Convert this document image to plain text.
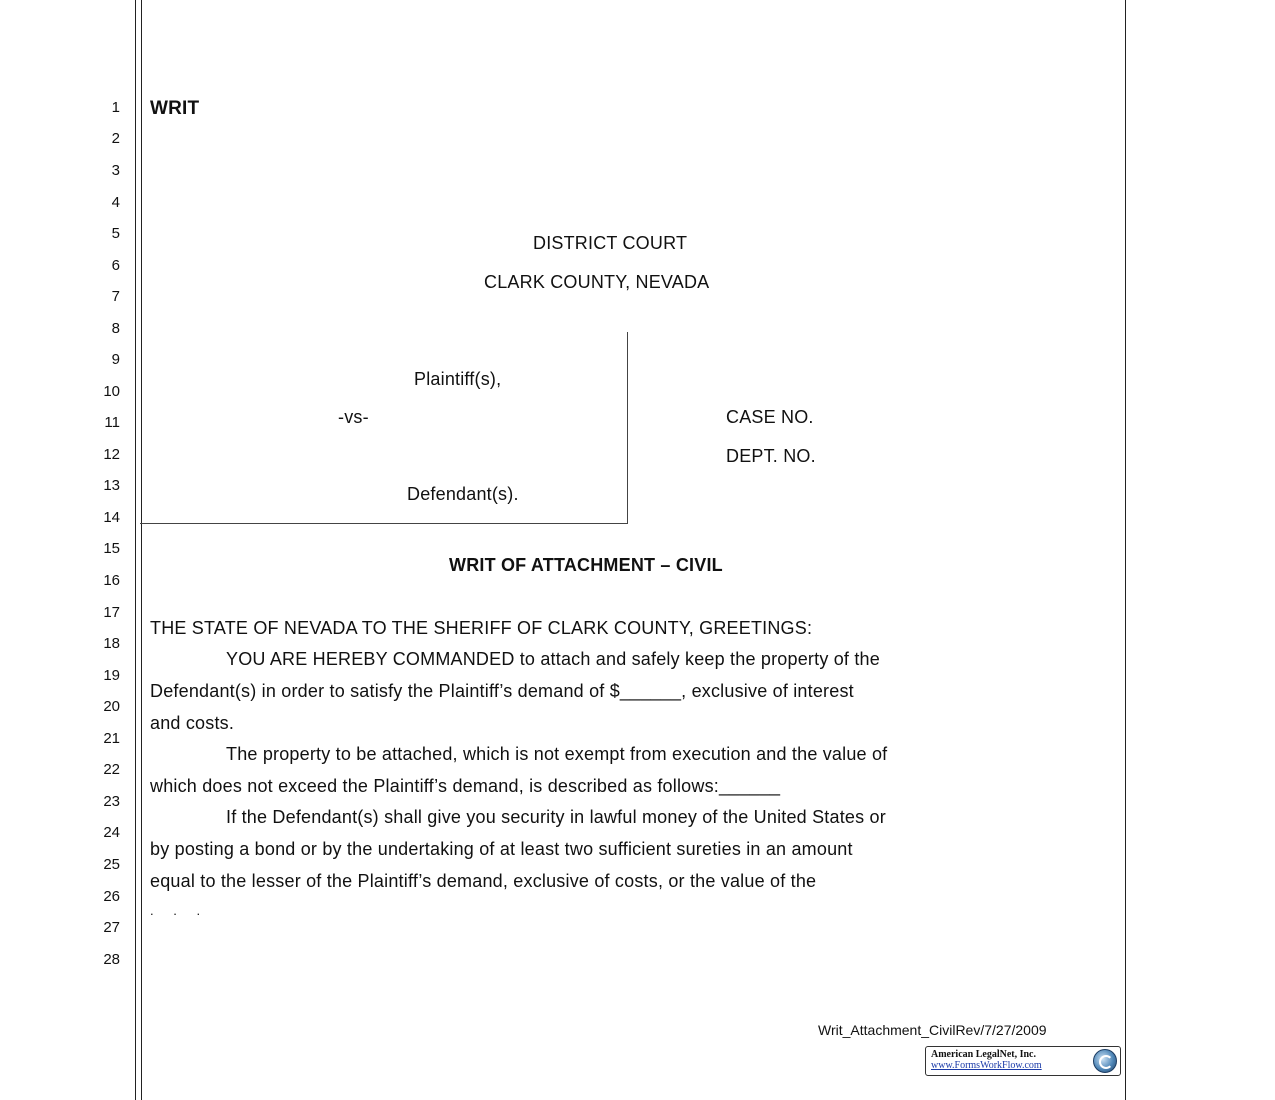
1
2
3
4
5
6
7
8
9
10
11
12
13
14
15
16
17
18
19
20
21
22
23
24
25
26
27
28
WRIT
DISTRICT COURT
CLARK COUNTY, NEVADA
Plaintiff(s),
-vs-
Defendant(s).
CASE NO.
DEPT. NO.
WRIT OF ATTACHMENT – CIVIL
THE STATE OF NEVADA TO THE SHERIFF OF CLARK COUNTY, GREETINGS:
YOU ARE HEREBY COMMANDED to attach and safely keep the property of the
Defendant(s) in order to satisfy the Plaintiff’s demand of $______, exclusive of interest
and costs.
The property to be attached, which is not exempt from execution and the value of
which does not exceed the Plaintiff’s demand, is described as follows:______
If the Defendant(s) shall give you security in lawful money of the United States or
by posting a bond or by the undertaking of at least two sufficient sureties in an amount
equal to the lesser of the Plaintiff’s demand, exclusive of costs, or the value of the
. . .
Writ_Attachment_CivilRev/7/27/2009
American LegalNet, Inc.
www.FormsWorkFlow.com
